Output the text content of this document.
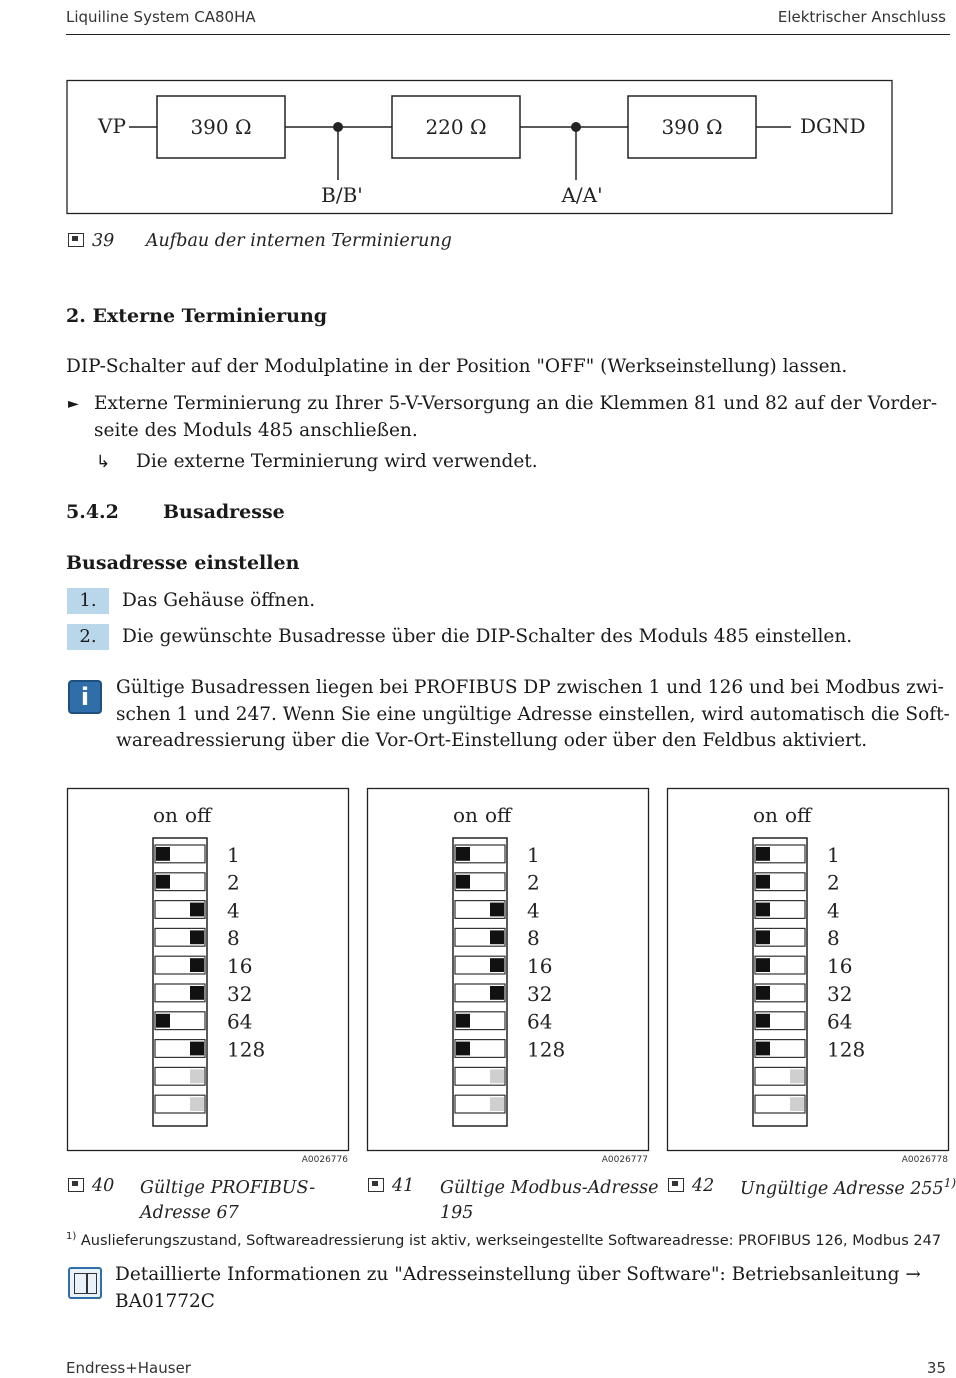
Liquiline System CA80HA	Elektrischer Anschluss
VP	390 Ω
B/B'
220 Ω
A/A'
390 Ω	DGND
39 Aufbau der internen Terminierung
2. Externe Terminierung
DIP-Schalter auf der Modulplatine in der Position "OFF" (Werkseinstellung) lassen.
► Externe Terminierung zu Ihrer 5-V-Versorgung an die Klemmen 81 und 82 auf der Vorder-
seite des Moduls 485 anschließen.
↳ Die externe Terminierung wird verwendet.
5.4.2 Busadresse
Busadresse einstellen
1.	Das Gehäuse öffnen.
2.	Die gewünschte Busadresse über die DIP-Schalter des Moduls 485 einstellen.
i	Gültige Busadressen liegen bei PROFIBUS DP zwischen 1 und 126 und bei Modbus zwi-
schen 1 und 247. Wenn Sie eine ungültige Adresse einstellen, wird automatisch die Soft-
wareadressierung über die Vor-Ort-Einstellung oder über den Feldbus aktiviert.
on off
1
2
4
8
16
32
64
128
A0026776
on off
1
2
4
8
16
32
64
128
A0026777
on off
1
2
4
8
16
32
64
128
A0026778
40 Gültige PROFIBUS-
Adresse 67
41 Gültige Modbus-Adresse
195
42 Ungültige Adresse 255$^{1)}$
$^{1)}$ Auslieferungszustand, Softwareadressierung ist aktiv, werkseingestellte Softwareadresse: PROFIBUS 126, Modbus 247
Detaillierte Informationen zu "Adresseinstellung über Software": Betriebsanleitung →
BA01772C
Endress+Hauser	35
